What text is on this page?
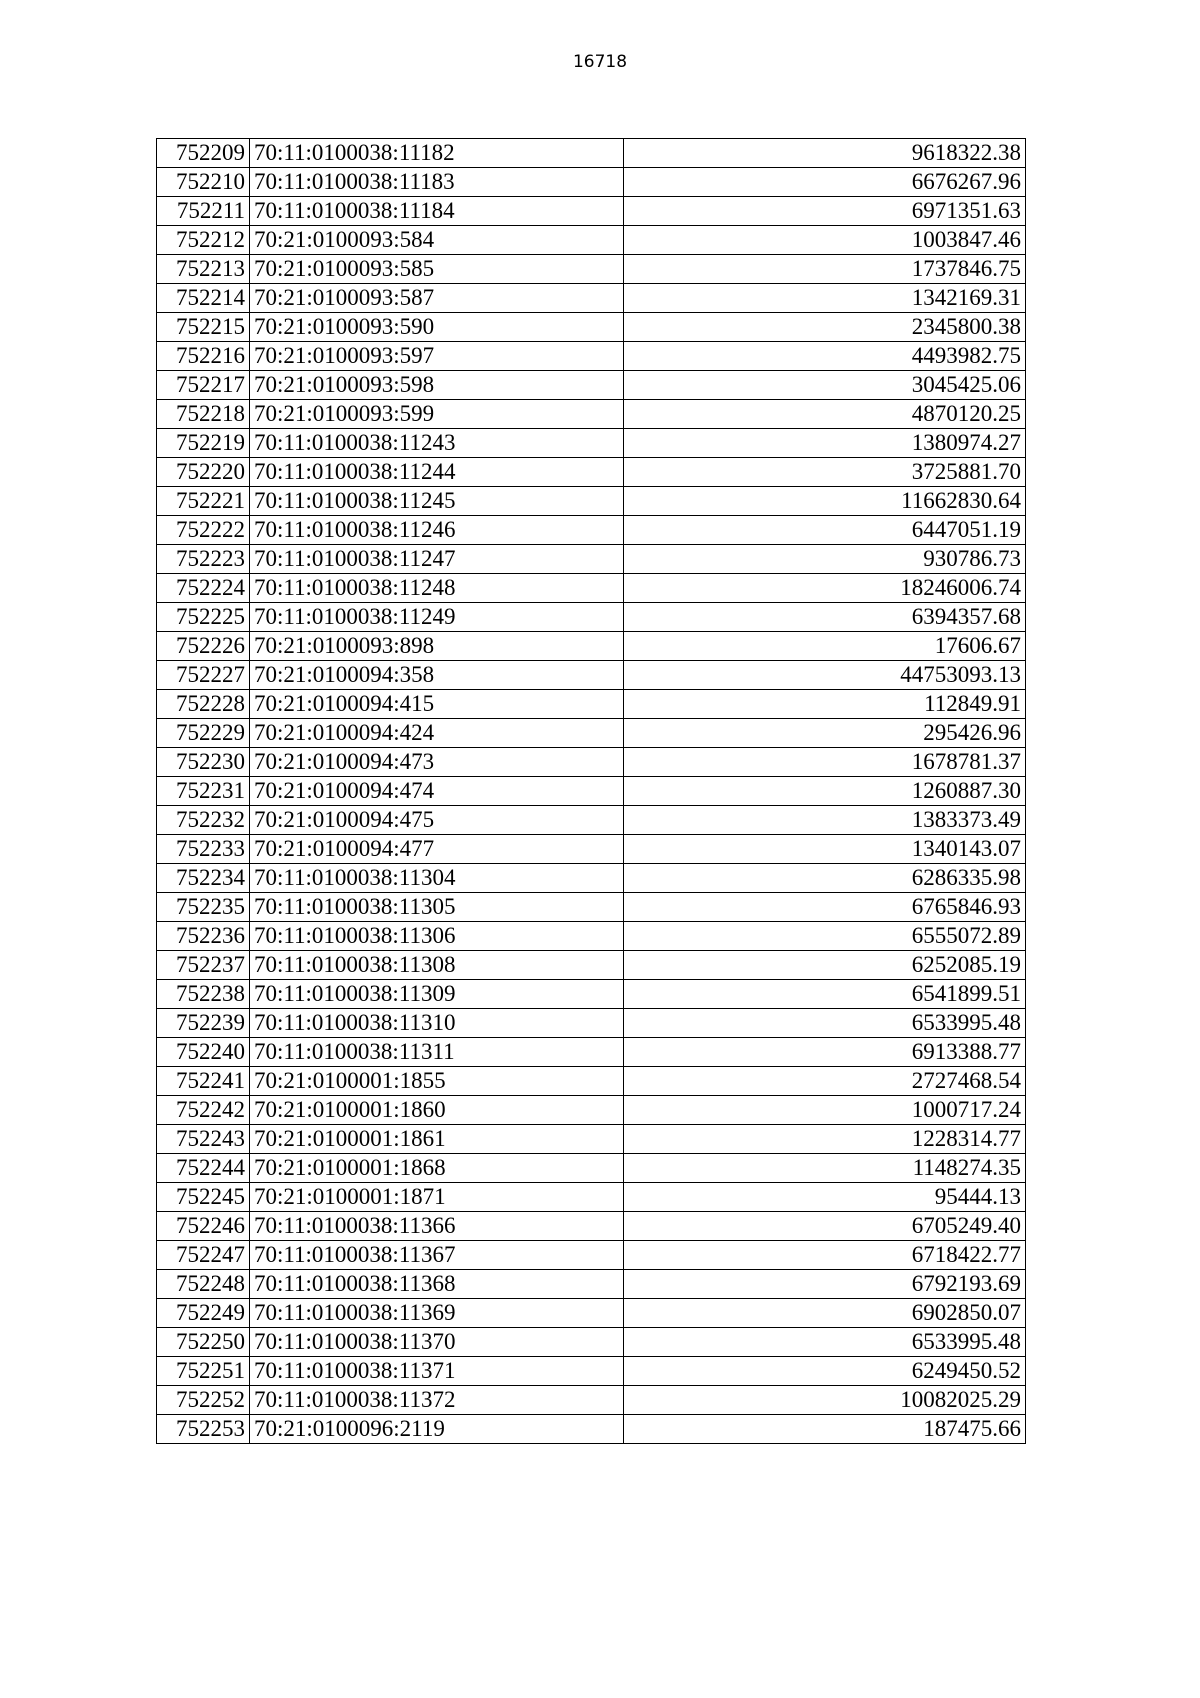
16718
752209	70:11:0100038:11182	9618322.38
752210	70:11:0100038:11183	6676267.96
752211	70:11:0100038:11184	6971351.63
752212	70:21:0100093:584	1003847.46
752213	70:21:0100093:585	1737846.75
752214	70:21:0100093:587	1342169.31
752215	70:21:0100093:590	2345800.38
752216	70:21:0100093:597	4493982.75
752217	70:21:0100093:598	3045425.06
752218	70:21:0100093:599	4870120.25
752219	70:11:0100038:11243	1380974.27
752220	70:11:0100038:11244	3725881.70
752221	70:11:0100038:11245	11662830.64
752222	70:11:0100038:11246	6447051.19
752223	70:11:0100038:11247	930786.73
752224	70:11:0100038:11248	18246006.74
752225	70:11:0100038:11249	6394357.68
752226	70:21:0100093:898	17606.67
752227	70:21:0100094:358	44753093.13
752228	70:21:0100094:415	112849.91
752229	70:21:0100094:424	295426.96
752230	70:21:0100094:473	1678781.37
752231	70:21:0100094:474	1260887.30
752232	70:21:0100094:475	1383373.49
752233	70:21:0100094:477	1340143.07
752234	70:11:0100038:11304	6286335.98
752235	70:11:0100038:11305	6765846.93
752236	70:11:0100038:11306	6555072.89
752237	70:11:0100038:11308	6252085.19
752238	70:11:0100038:11309	6541899.51
752239	70:11:0100038:11310	6533995.48
752240	70:11:0100038:11311	6913388.77
752241	70:21:0100001:1855	2727468.54
752242	70:21:0100001:1860	1000717.24
752243	70:21:0100001:1861	1228314.77
752244	70:21:0100001:1868	1148274.35
752245	70:21:0100001:1871	95444.13
752246	70:11:0100038:11366	6705249.40
752247	70:11:0100038:11367	6718422.77
752248	70:11:0100038:11368	6792193.69
752249	70:11:0100038:11369	6902850.07
752250	70:11:0100038:11370	6533995.48
752251	70:11:0100038:11371	6249450.52
752252	70:11:0100038:11372	10082025.29
752253	70:21:0100096:2119	187475.66
